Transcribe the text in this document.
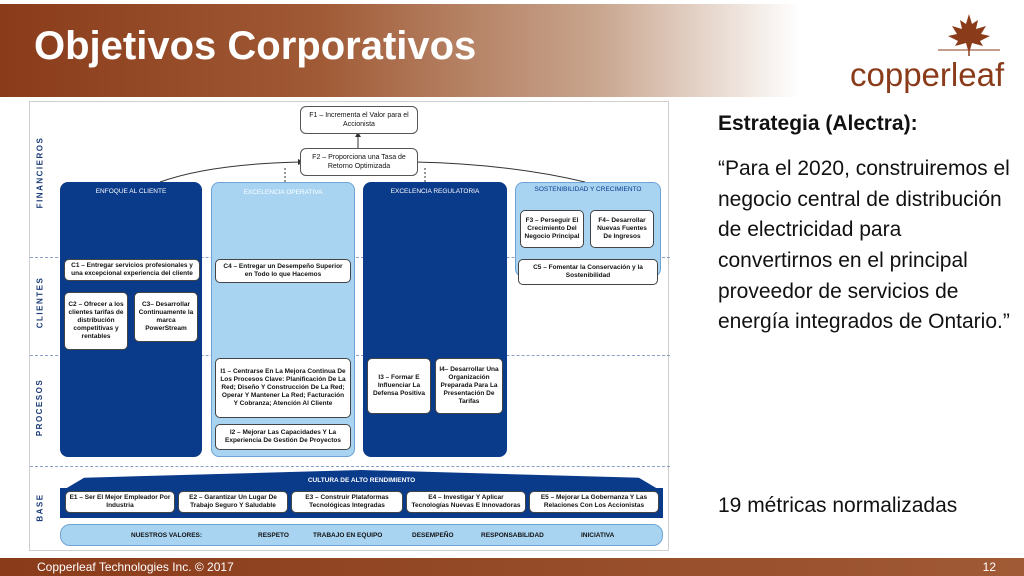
Objetivos Corporativos
copperleaf
FINANCIEROS
CLIENTES
PROCESOS
BASE
F1 – Incrementa el Valor para el Accionista
F2 – Proporciona una Tasa de Retorno Optimizada
ENFOQUE AL CLIENTE	EXCELENCIA OPERATIVA	EXCELENCIA REGULATORIA	SOSTENIBILIDAD Y CRECIMIENTO
F3 – Perseguir El Crecimiento Del Negocio Principal
F4– Desarrollar Nuevas Fuentes De Ingresos
C1 – Entregar servicios profesionales y una excepcional experiencia del cliente
C2 – Ofrecer a los clientes tarifas de distribución competitivas y rentables
C3– Desarrollar Continuamente la marca PowerStream
C4 – Entregar un Desempeño Superior en Todo lo que Hacemos
C5 – Fomentar la Conservación y la Sostenibilidad
I1 – Centrarse En La Mejora Continua De Los Procesos Clave: Planificación De La Red; Diseño Y Construcción De La Red; Operar Y Mantener La Red; Facturación Y Cobranza; Atención Al Cliente
I2 – Mejorar Las Capacidades Y La Experiencia De Gestión De Proyectos
I3 – Formar E Influenciar La Defensa Positiva
I4– Desarrollar Una Organización Preparada Para La Presentación De Tarifas
CULTURA DE ALTO RENDIMIENTO
E1 – Ser El Mejor Empleador Por Industria
E2 – Garantizar Un Lugar De Trabajo Seguro Y Saludable
E3 – Construir Plataformas Tecnológicas Integradas
E4 – Investigar Y Aplicar Tecnologías Nuevas E Innovadoras
E5 – Mejorar La Gobernanza Y Las Relaciones Con Los Accionistas
NUESTROS VALORES:	RESPETO	TRABAJO EN EQUIPO	DESEMPEÑO	RESPONSABILIDAD	INICIATIVA
Estrategia (Alectra):
“Para el 2020, construiremos el negocio central de distribución de electricidad para convertirnos en el principal proveedor de servicios de energía integrados de Ontario.”
19 métricas normalizadas
Copperleaf Technologies Inc. © 2017	12
